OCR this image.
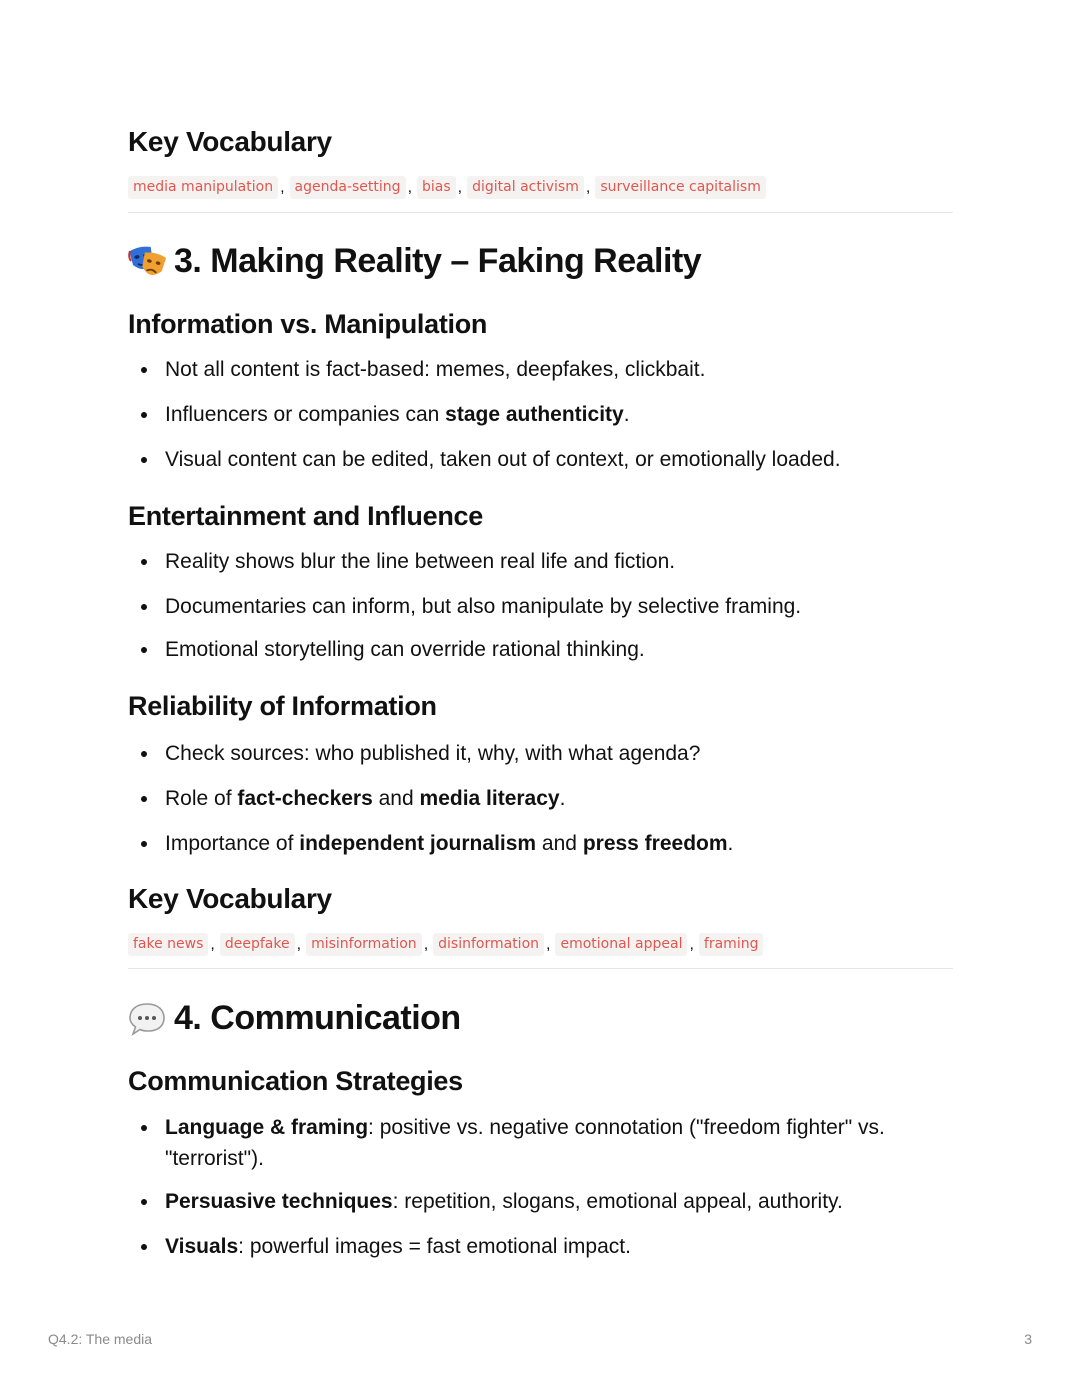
Key Vocabulary
media manipulation , agenda-setting , bias , digital activism , surveillance capitalism
3. Making Reality – Faking Reality
Information vs. Manipulation
Not all content is fact-based: memes, deepfakes, clickbait.
Influencers or companies can stage authenticity.
Visual content can be edited, taken out of context, or emotionally loaded.
Entertainment and Influence
Reality shows blur the line between real life and fiction.
Documentaries can inform, but also manipulate by selective framing.
Emotional storytelling can override rational thinking.
Reliability of Information
Check sources: who published it, why, with what agenda?
Role of fact-checkers and media literacy.
Importance of independent journalism and press freedom.
Key Vocabulary
fake news , deepfake , misinformation , disinformation , emotional appeal , framing
4. Communication
Communication Strategies
Language & framing: positive vs. negative connotation ("freedom fighter" vs. "terrorist").
Persuasive techniques: repetition, slogans, emotional appeal, authority.
Visuals: powerful images = fast emotional impact.
Q4.2: The media	3
